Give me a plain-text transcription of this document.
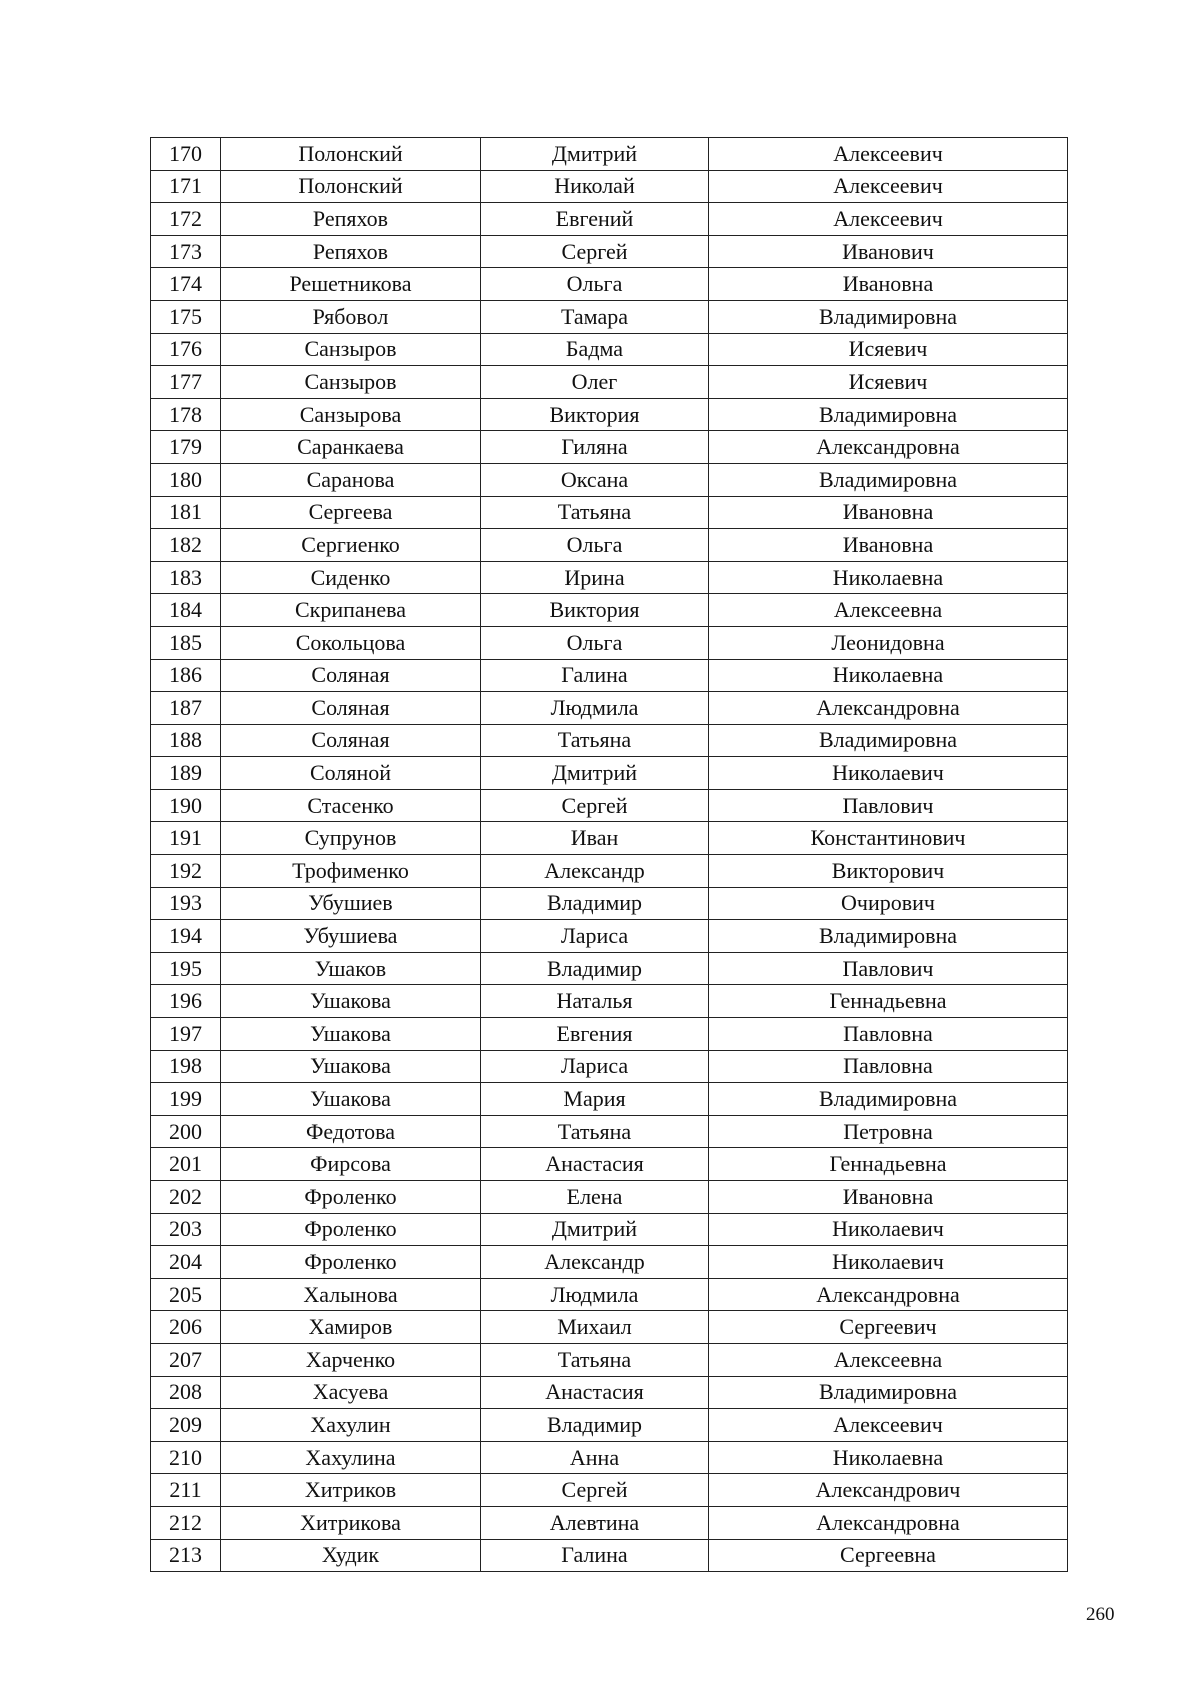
170	Полонский	Дмитрий	Алексеевич
171	Полонский	Николай	Алексеевич
172	Репяхов	Евгений	Алексеевич
173	Репяхов	Сергей	Иванович
174	Решетникова	Ольга	Ивановна
175	Рябовол	Тамара	Владимировна
176	Санзыров	Бадма	Исяевич
177	Санзыров	Олег	Исяевич
178	Санзырова	Виктория	Владимировна
179	Саранкаева	Гиляна	Александровна
180	Саранова	Оксана	Владимировна
181	Сергеева	Татьяна	Ивановна
182	Сергиенко	Ольга	Ивановна
183	Сиденко	Ирина	Николаевна
184	Скрипанева	Виктория	Алексеевна
185	Сокольцова	Ольга	Леонидовна
186	Соляная	Галина	Николаевна
187	Соляная	Людмила	Александровна
188	Соляная	Татьяна	Владимировна
189	Соляной	Дмитрий	Николаевич
190	Стасенко	Сергей	Павлович
191	Супрунов	Иван	Константинович
192	Трофименко	Александр	Викторович
193	Убушиев	Владимир	Очирович
194	Убушиева	Лариса	Владимировна
195	Ушаков	Владимир	Павлович
196	Ушакова	Наталья	Геннадьевна
197	Ушакова	Евгения	Павловна
198	Ушакова	Лариса	Павловна
199	Ушакова	Мария	Владимировна
200	Федотова	Татьяна	Петровна
201	Фирсова	Анастасия	Геннадьевна
202	Фроленко	Елена	Ивановна
203	Фроленко	Дмитрий	Николаевич
204	Фроленко	Александр	Николаевич
205	Халынова	Людмила	Александровна
206	Хамиров	Михаил	Сергеевич
207	Харченко	Татьяна	Алексеевна
208	Хасуева	Анастасия	Владимировна
209	Хахулин	Владимир	Алексеевич
210	Хахулина	Анна	Николаевна
211	Хитриков	Сергей	Александрович
212	Хитрикова	Алевтина	Александровна
213	Худик	Галина	Сергеевна
260
